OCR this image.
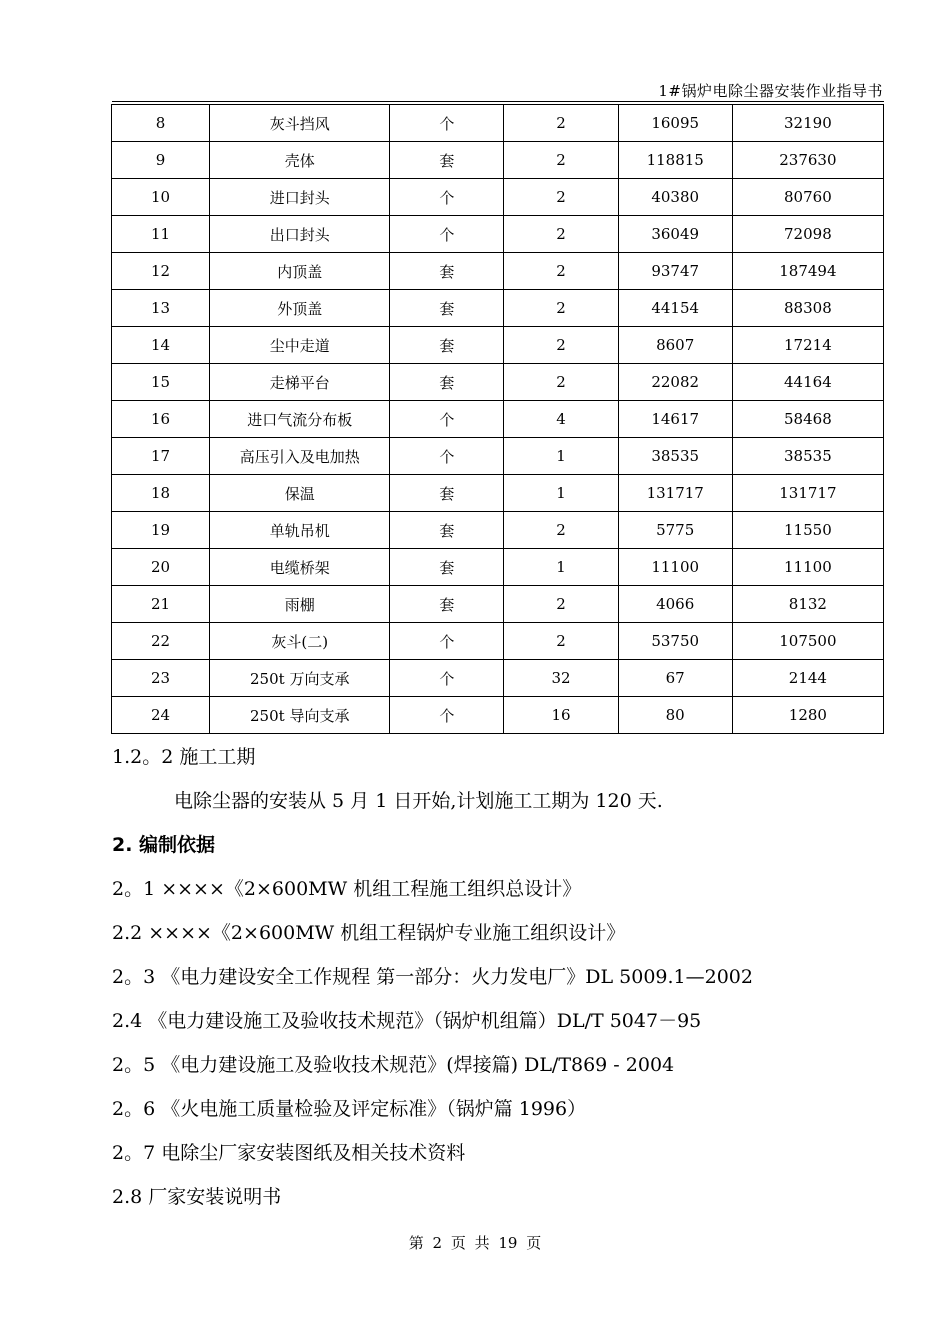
1#锅炉电除尘器安装作业指导书
8	灰斗挡风	个	2	16095	32190
9	壳体	套	2	118815	237630
10	进口封头	个	2	40380	80760
11	出口封头	个	2	36049	72098
12	内顶盖	套	2	93747	187494
13	外顶盖	套	2	44154	88308
14	尘中走道	套	2	8607	17214
15	走梯平台	套	2	22082	44164
16	进口气流分布板	个	4	14617	58468
17	高压引入及电加热	个	1	38535	38535
18	保温	套	1	131717	131717
19	单轨吊机	套	2	5775	11550
20	电缆桥架	套	1	11100	11100
21	雨棚	套	2	4066	8132
22	灰斗(二)	个	2	53750	107500
23	250t 万向支承	个	32	67	2144
24	250t 导向支承	个	16	80	1280
1.2。2 施工工期
电除尘器的安装从 5 月 1 日开始,计划施工工期为 120 天.
2. 编制依据
2。1 ××××《2×600MW 机组工程施工组织总设计》
2.2 ××××《2×600MW 机组工程锅炉专业施工组织设计》
2。3 《电力建设安全工作规程 第一部分：火力发电厂》DL 5009.1—2002
2.4 《电力建设施工及验收技术规范》（锅炉机组篇）DL/T 5047－95
2。5 《电力建设施工及验收技术规范》(焊接篇) DL/T869 - 2004
2。6 《火电施工质量检验及评定标准》（锅炉篇 1996）
2。7 电除尘厂家安装图纸及相关技术资料
2.8 厂家安装说明书
第 2 页 共 19 页
